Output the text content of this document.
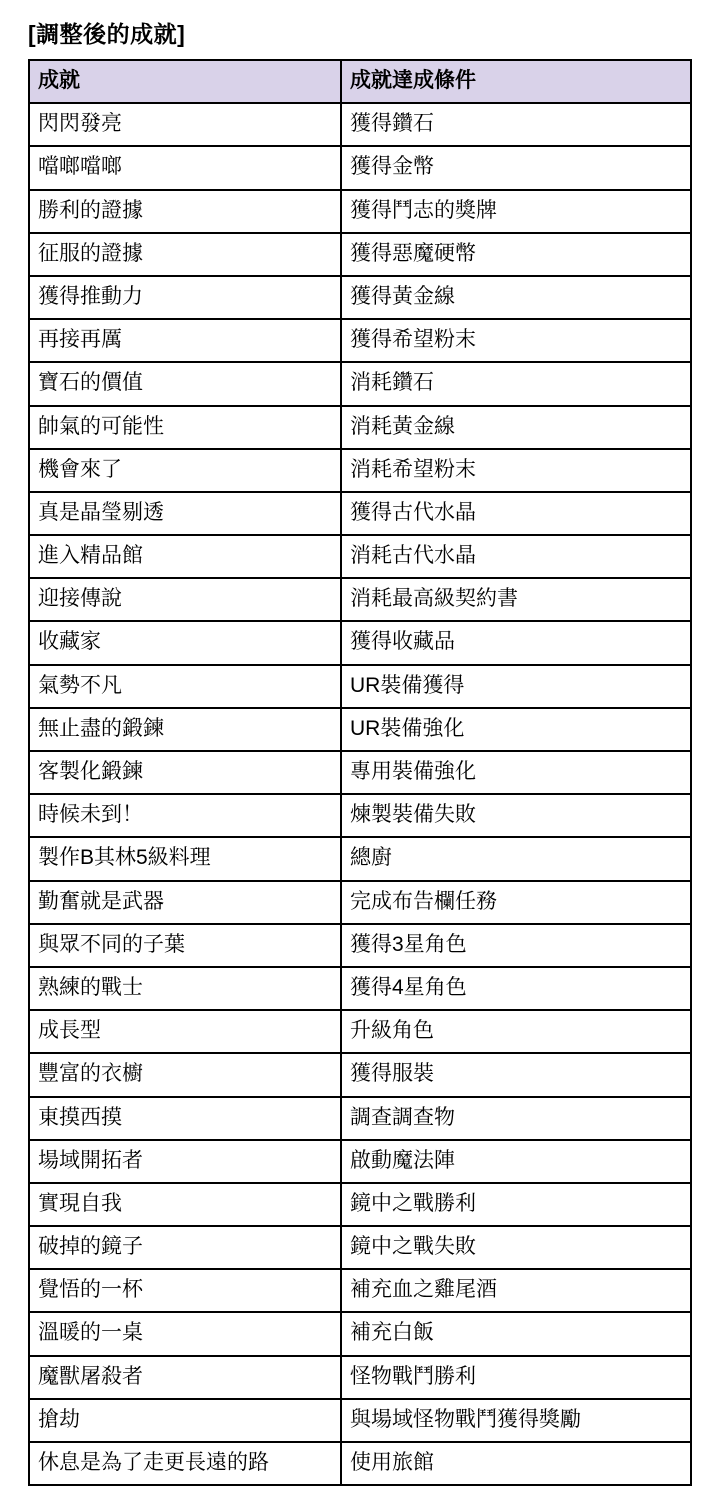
[調整後的成就]
成就	成就達成條件
閃閃發亮	獲得鑽石
噹啷噹啷	獲得金幣
勝利的證據	獲得鬥志的獎牌
征服的證據	獲得惡魔硬幣
獲得推動力	獲得黃金線
再接再厲	獲得希望粉末
寶石的價值	消耗鑽石
帥氣的可能性	消耗黃金線
機會來了	消耗希望粉末
真是晶瑩剔透	獲得古代水晶
進入精品館	消耗古代水晶
迎接傳說	消耗最高級契約書
收藏家	獲得收藏品
氣勢不凡	UR裝備獲得
無止盡的鍛鍊	UR裝備強化
客製化鍛鍊	專用裝備強化
時候未到！	煉製裝備失敗
製作B其林5級料理	總廚
勤奮就是武器	完成布告欄任務
與眾不同的子葉	獲得3星角色
熟練的戰士	獲得4星角色
成長型	升級角色
豐富的衣櫥	獲得服裝
東摸西摸	調查調查物
場域開拓者	啟動魔法陣
實現自我	鏡中之戰勝利
破掉的鏡子	鏡中之戰失敗
覺悟的一杯	補充血之雞尾酒
溫暖的一桌	補充白飯
魔獸屠殺者	怪物戰鬥勝利
搶劫	與場域怪物戰鬥獲得獎勵
休息是為了走更長遠的路	使用旅館
